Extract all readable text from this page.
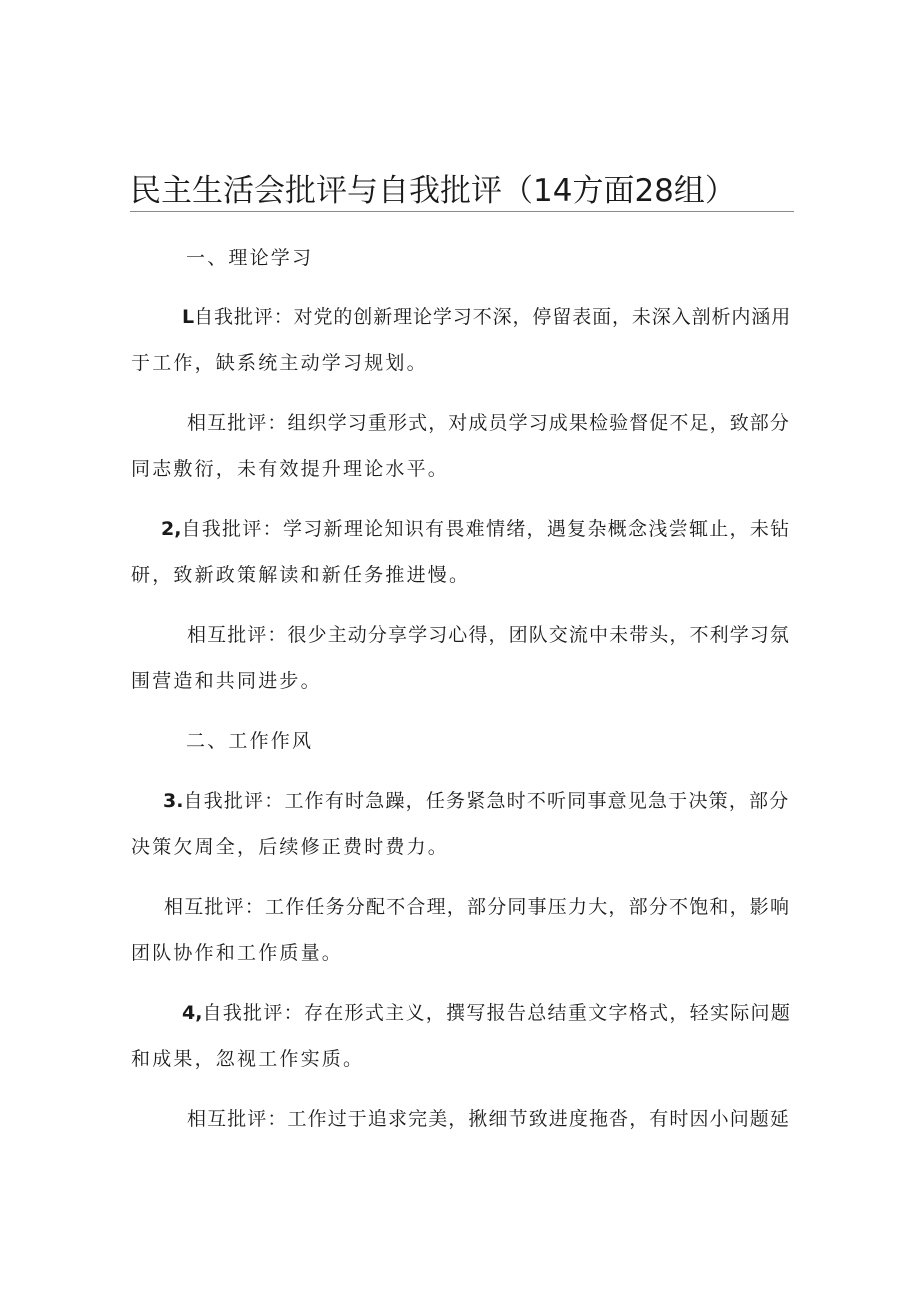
民主生活会批评与自我批评（14方面28组）
一、理论学习
L自我批评：对党的创新理论学习不深，停留表面，未深入剖析内涵用
于工作，缺系统主动学习规划。
相互批评：组织学习重形式，对成员学习成果检验督促不足，致部分
同志敷衍，未有效提升理论水平。
2,自我批评：学习新理论知识有畏难情绪，遇复杂概念浅尝辄止，未钻
研，致新政策解读和新任务推进慢。
相互批评：很少主动分享学习心得，团队交流中未带头，不利学习氛
围营造和共同进步。
二、工作作风
3.自我批评：工作有时急躁，任务紧急时不听同事意见急于决策，部分
决策欠周全，后续修正费时费力。
相互批评：工作任务分配不合理，部分同事压力大，部分不饱和，影响
团队协作和工作质量。
4,自我批评：存在形式主义，撰写报告总结重文字格式，轻实际问题
和成果，忽视工作实质。
相互批评：工作过于追求完美，揪细节致进度拖沓，有时因小问题延
